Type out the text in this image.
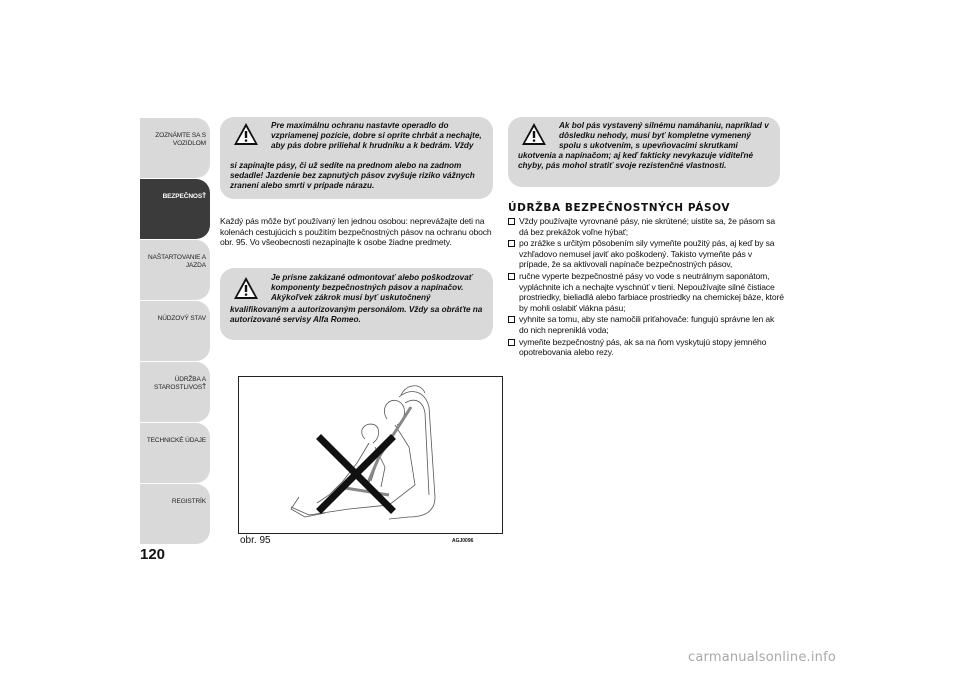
ZOZNÁMTE SA S VOZIDLOM
BEZPEČNOSŤ
NAŠTARTOVANIE A JAZDA
NÚDZOVÝ STAV
ÚDRŽBA A STAROSTLIVOSŤ
TECHNICKÉ ÚDAJE
REGISTRÍK
120
Pre maximálnu ochranu nastavte operadlo do vzpriamenej pozície, dobre si oprite chrbát a nechajte, aby pás dobre priliehal k hrudníku a k bedrám. Vždy
si zapínajte pásy, či už sedíte na prednom alebo na zadnom sedadle! Jazdenie bez zapnutých pásov zvyšuje riziko vážnych zranení alebo smrti v prípade nárazu.

Každý pás môže byť používaný len jednou osobou: neprevážajte deti na kolenách cestujúcich s použitím bezpečnostných pásov na ochranu oboch obr. 95. Vo všeobecnosti nezapínajte k osobe žiadne predmety.

Je prísne zakázané odmontovať alebo poškodzovať komponenty bezpečnostných pásov a napínačov. Akýkoľvek zákrok musí byť uskutočnený
kvalifikovaným a autorizovaným personálom. Vždy sa obráťte na autorizované servisy Alfa Romeo.
Ak bol pás vystavený silnému namáhaniu, napríklad v dôsledku nehody, musí byť kompletne vymenený spolu s ukotvením, s upevňovacími skrutkami
ukotvenia a napínačom; aj keď fakticky nevykazuje viditeľné chyby, pás mohol stratiť svoje rezistenčné vlastnosti.
ÚDRŽBA BEZPEČNOSTNÝCH PÁSOV
Vždy používajte vyrovnané pásy, nie skrútené; uistite sa, že pásom sa dá bez prekážok voľne hýbať;
po zrážke s určitým pôsobením sily vymeňte použitý pás, aj keď by sa vzhľadovo nemusel javiť ako poškodený. Takisto vymeňte pás v prípade, že sa aktivovali napínače bezpečnostných pásov,
ručne vyperte bezpečnostné pásy vo vode s neutrálnym saponátom, vypláchnite ich a nechajte vyschnúť v tieni. Nepoužívajte silné čistiace prostriedky, bieliadlá alebo farbiace prostriedky na chemickej báze, ktoré by mohli oslabiť vlákna pásu;
vyhnite sa tomu, aby ste namočili priťahovače: fungujú správne len ak do nich nepreniklá voda;
vymeňte bezpečnostný pás, ak sa na ňom vyskytujú stopy jemného opotrebovania alebo rezy.
obr. 95	AGJ0096
carmanualsonline.info
